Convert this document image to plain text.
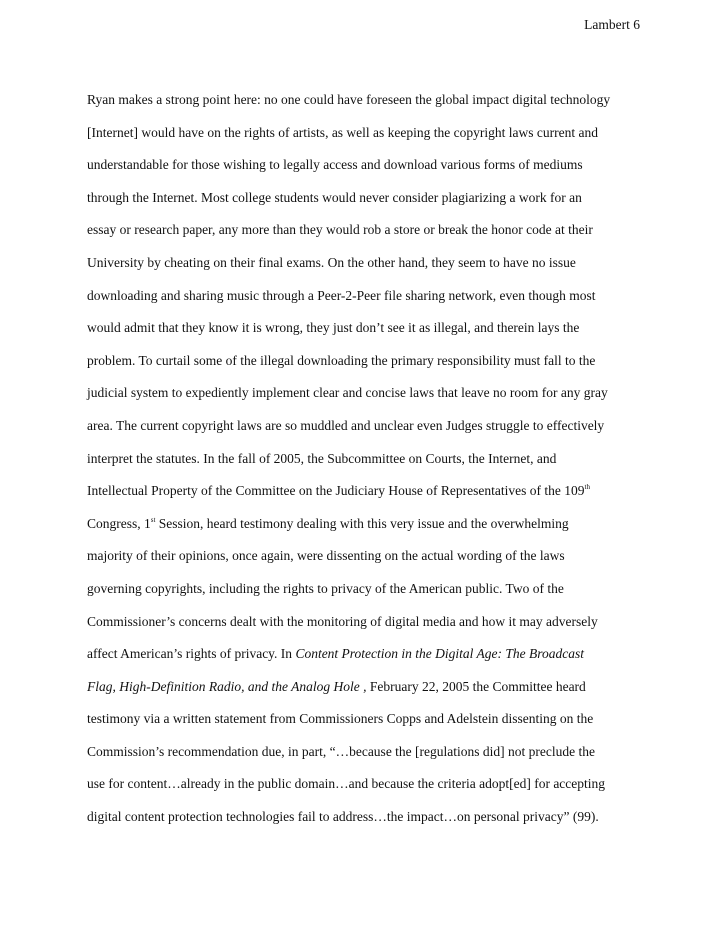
Lambert 6
Ryan makes a strong point here: no one could have foreseen the global impact digital technology
[Internet] would have on the rights of artists, as well as keeping the copyright laws current and
understandable for those wishing to legally access and download various forms of mediums
through the Internet. Most college students would never consider plagiarizing a work for an
essay or research paper, any more than they would rob a store or break the honor code at their
University by cheating on their final exams. On the other hand, they seem to have no issue
downloading and sharing music through a Peer-2-Peer file sharing network, even though most
would admit that they know it is wrong, they just don’t see it as illegal, and therein lays the
problem. To curtail some of the illegal downloading the primary responsibility must fall to the
judicial system to expediently implement clear and concise laws that leave no room for any gray
area. The current copyright laws are so muddled and unclear even Judges struggle to effectively
interpret the statutes. In the fall of 2005, the Subcommittee on Courts, the Internet, and
Intellectual Property of the Committee on the Judiciary House of Representatives of the 109th
Congress, 1st Session, heard testimony dealing with this very issue and the overwhelming
majority of their opinions, once again, were dissenting on the actual wording of the laws
governing copyrights, including the rights to privacy of the American public. Two of the
Commissioner’s concerns dealt with the monitoring of digital media and how it may adversely
affect American’s rights of privacy. In Content Protection in the Digital Age: The Broadcast
Flag, High-Definition Radio, and the Analog Hole , February 22, 2005 the Committee heard
testimony via a written statement from Commissioners Copps and Adelstein dissenting on the
Commission’s recommendation due, in part, “…because the [regulations did] not preclude the
use for content…already in the public domain…and because the criteria adopt[ed] for accepting
digital content protection technologies fail to address…the impact…on personal privacy” (99).
